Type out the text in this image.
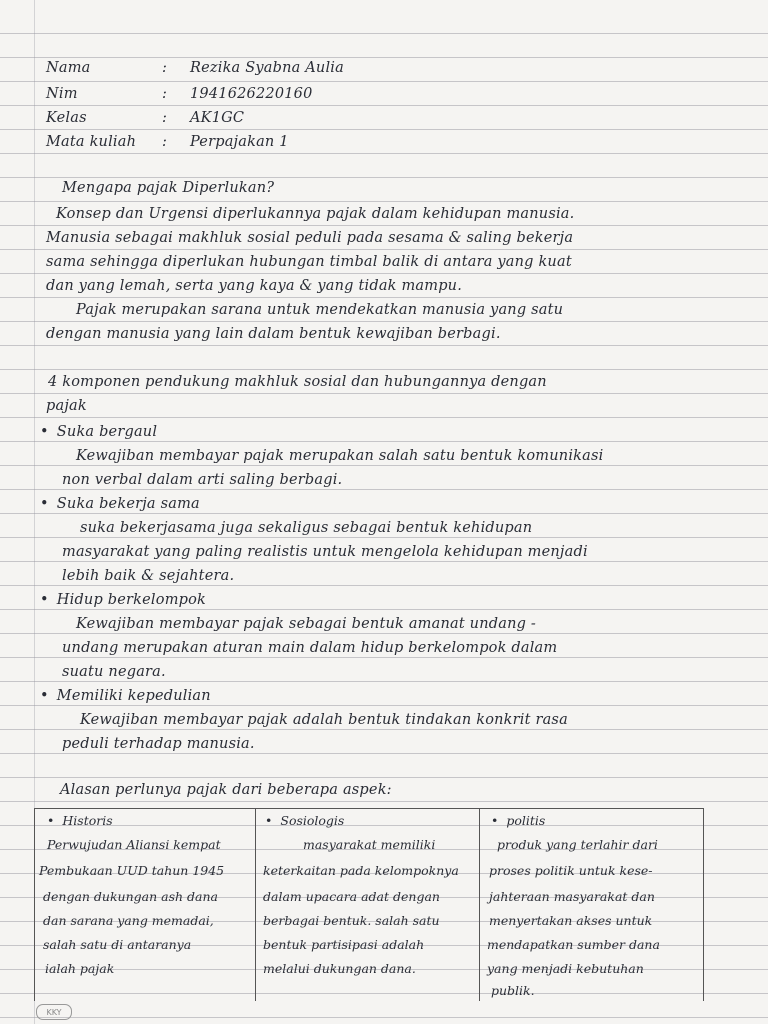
Nama	: Rezika Syabna Aulia
Nim	: 1941626220160
Kelas	: AK1GC
Mata kuliah : Perpajakan 1
Mengapa pajak Diperlukan?
Konsep dan Urgensi diperlukannya pajak dalam kehidupan manusia.
Manusia sebagai makhluk sosial peduli pada sesama & saling bekerja
sama sehingga diperlukan hubungan timbal balik di antara yang kuat
dan yang lemah, serta yang kaya & yang tidak mampu.
Pajak merupakan sarana untuk mendekatkan manusia yang satu
dengan manusia yang lain dalam bentuk kewajiban berbagi.
4 komponen pendukung makhluk sosial dan hubungannya dengan
pajak
• Suka bergaul
Kewajiban membayar pajak merupakan salah satu bentuk komunikasi
non verbal dalam arti saling berbagi.
• Suka bekerja sama
suka bekerjasama juga sekaligus sebagai bentuk kehidupan
masyarakat yang paling realistis untuk mengelola kehidupan menjadi
lebih baik & sejahtera.
• Hidup berkelompok
Kewajiban membayar pajak sebagai bentuk amanat undang -
undang merupakan aturan main dalam hidup berkelompok dalam
suatu negara.
• Memiliki kepedulian
Kewajiban membayar pajak adalah bentuk tindakan konkrit rasa
peduli terhadap manusia.
Alasan perlunya pajak dari beberapa aspek:
• Historis
Perwujudan Aliansi kempat
Pembukaan UUD tahun 1945
dengan dukungan ash dana
dan sarana yang memadai,
salah satu di antaranya
ialah pajak
• Sosiologis
masyarakat memiliki
keterkaitan pada kelompoknya
dalam upacara adat dengan
berbagai bentuk. salah satu
bentuk partisipasi adalah
melalui dukungan dana.
• politis
produk yang terlahir dari
proses politik untuk kese-
jahteraan masyarakat dan
menyertakan akses untuk
mendapatkan sumber dana
yang menjadi kebutuhan
publik.
KKY
